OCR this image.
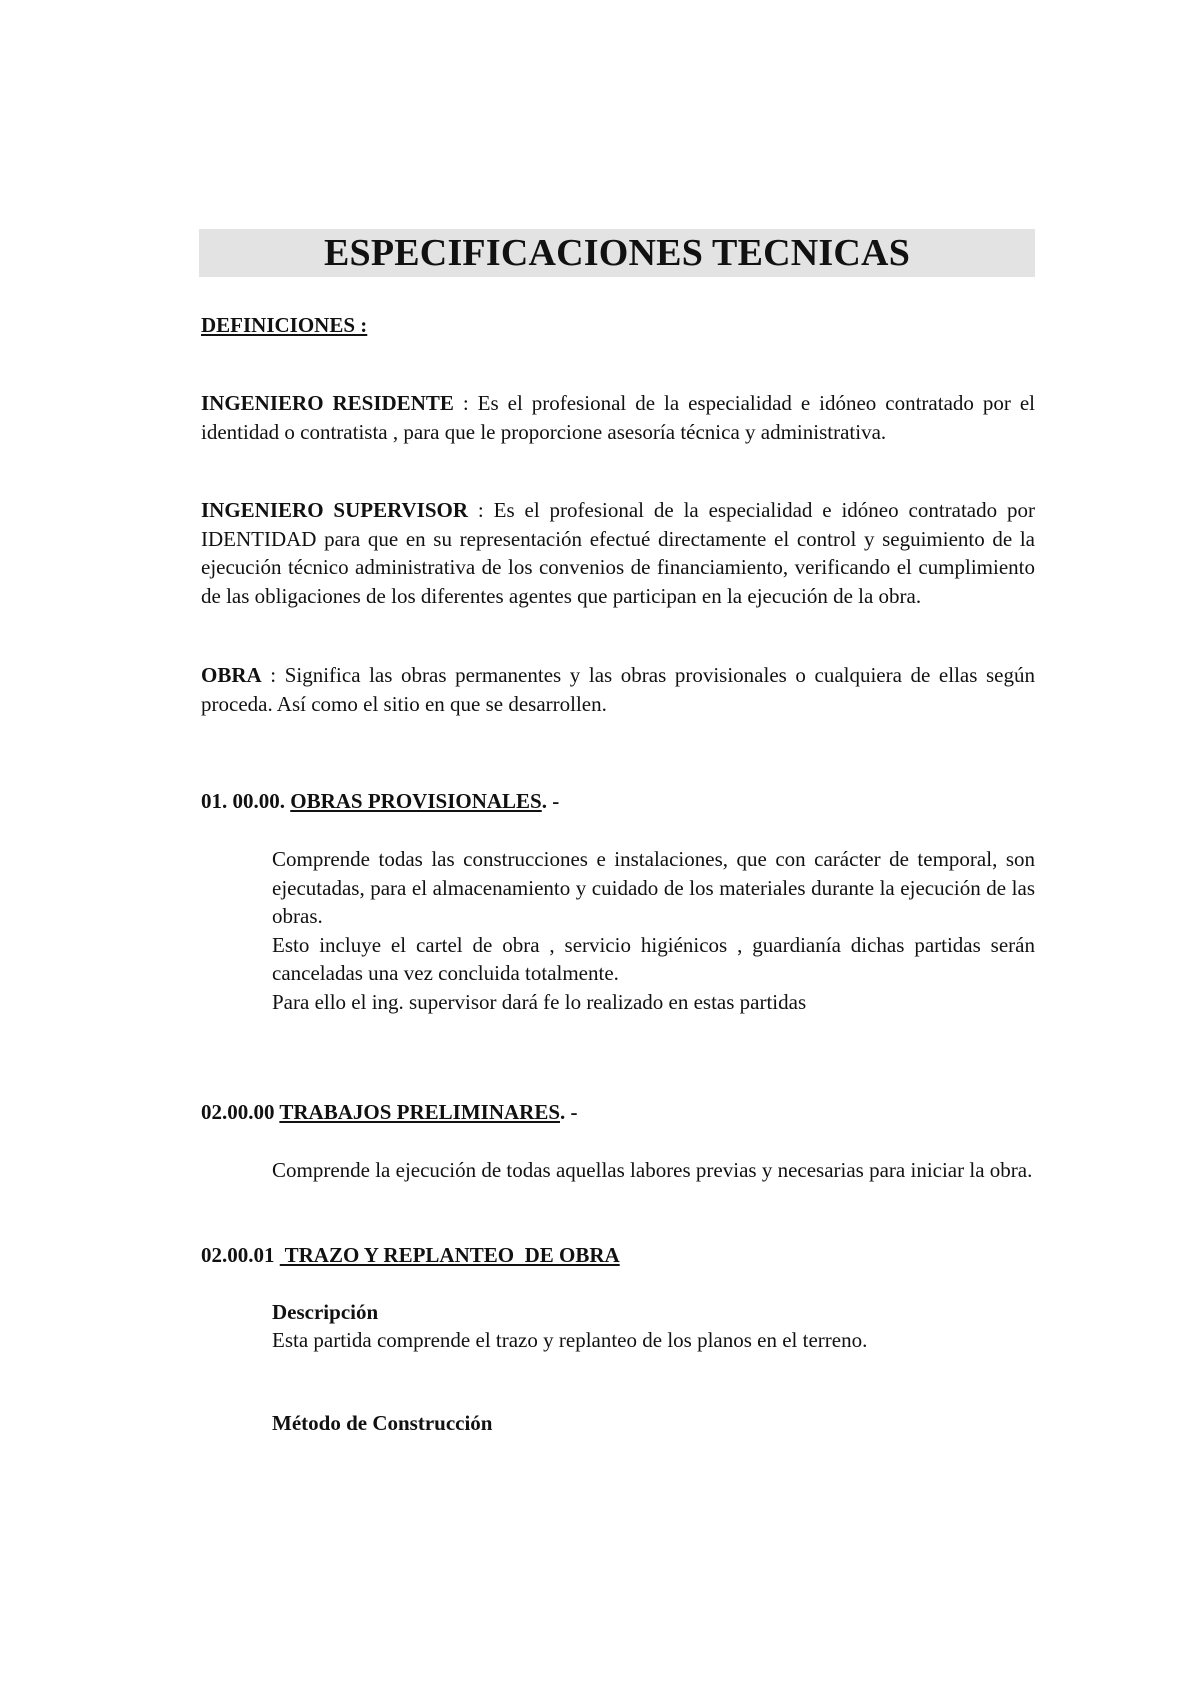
ESPECIFICACIONES TECNICAS

DEFINICIONES :

INGENIERO RESIDENTE : Es el profesional de la especialidad e idóneo contratado por el identidad o contratista , para que le proporcione asesoría técnica y administrativa.

INGENIERO SUPERVISOR : Es el profesional de la especialidad e idóneo contratado por IDENTIDAD para que en su representación efectué directamente el control y seguimiento de la ejecución técnico administrativa de los convenios de financiamiento, verificando el cumplimiento de las obligaciones de los diferentes agentes que participan en la ejecución de la obra.

OBRA : Significa las obras permanentes y las obras provisionales o cualquiera de ellas según proceda. Así como el sitio en que se desarrollen.

01. 00.00. OBRAS PROVISIONALES. -

Comprende todas las construcciones e instalaciones, que con carácter de temporal, son ejecutadas, para el almacenamiento y cuidado de los materiales durante la ejecución de las obras.

Esto incluye el cartel de obra , servicio higiénicos , guardianía dichas partidas serán canceladas una vez concluida totalmente.

Para ello el ing. supervisor dará fe lo realizado en estas partidas

02.00.00 TRABAJOS PRELIMINARES. -

Comprende la ejecución de todas aquellas labores previas y necesarias para iniciar la obra.

02.00.01  TRAZO Y REPLANTEO  DE OBRA

Descripción

Esta partida comprende el trazo y replanteo de los planos en el terreno.

Método de Construcción
